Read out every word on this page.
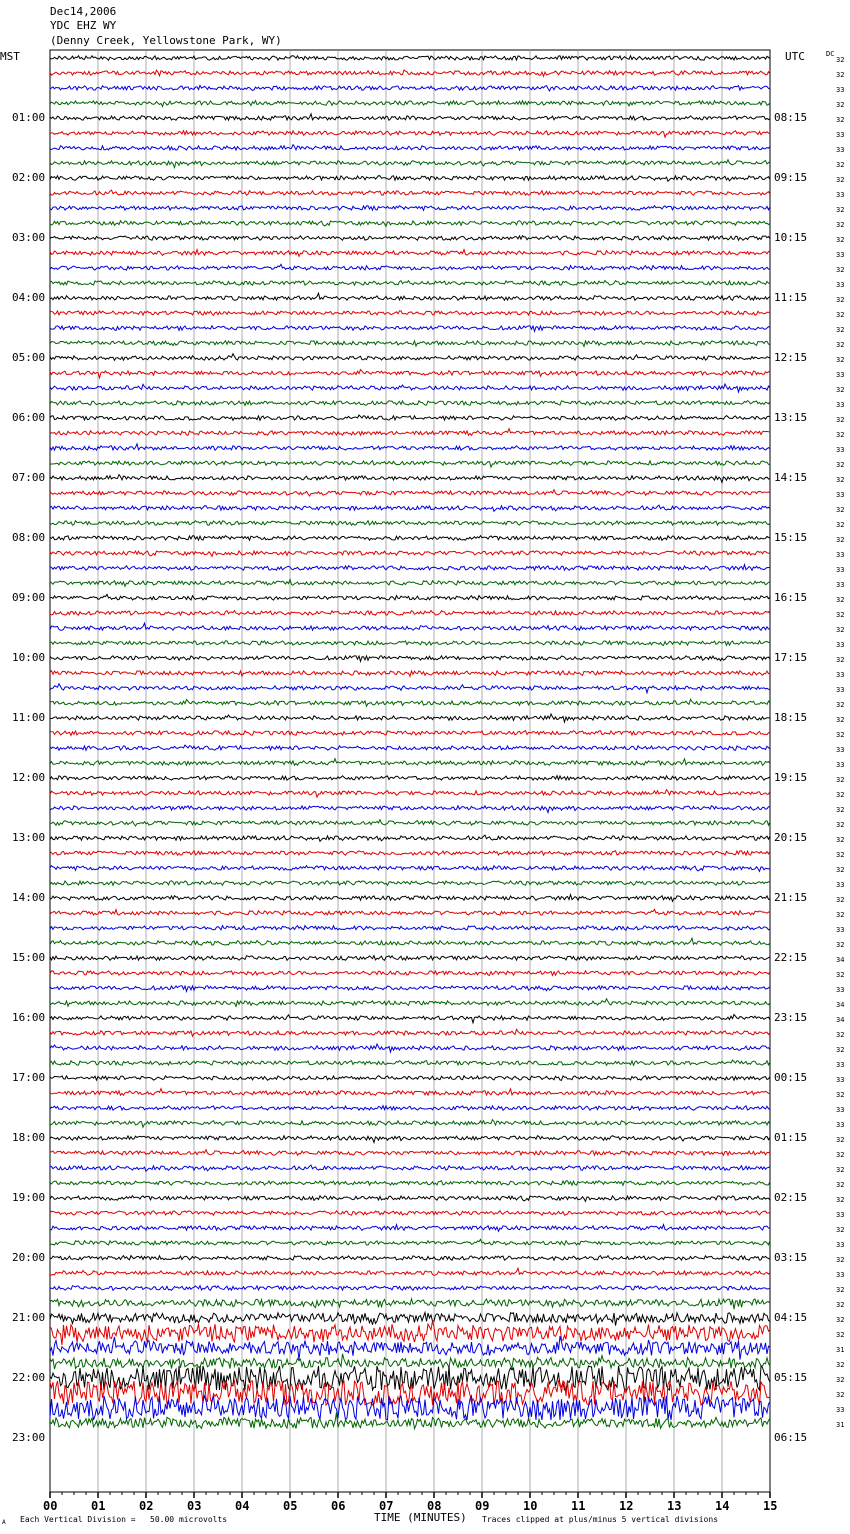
Dec14,2006
YDC EHZ WY
(Denny Creek, Yellowstone Park, WY)
MST	UTC	DC
01:00
02:00
03:00
04:00
05:00
06:00
07:00
08:00
09:00
10:00
11:00
12:00
13:00
14:00
15:00
16:00
17:00
18:00
19:00
20:00
21:00
22:00
23:00
08:15
09:15
10:15
11:15
12:15
13:15
14:15
15:15
16:15
17:15
18:15
19:15
20:15
21:15
22:15
23:15
00:15
01:15
02:15
03:15
04:15
05:15
06:15
32
32
33
32
32
33
33
32
32
33
32
32
32
33
32
33
32
32
32
32
32
33
32
33
32
32
33
32
32
33
32
32
32
33
33
33
32
32
32
33
32
33
33
32
32
32
33
33
32
32
32
32
32
32
32
33
32
32
33
32
34
32
33
34
34
32
32
33
33
32
33
33
32
32
32
32
32
33
32
33
32
33
32
32
32
32
31
32
32
32
33
31
00	01	02	03	04	05	06	07	08	09	10	11	12	13	14	15
A Each Vertical Division =   50.00 microvolts	TIME (MINUTES) Traces clipped at plus/minus 5 vertical divisions
